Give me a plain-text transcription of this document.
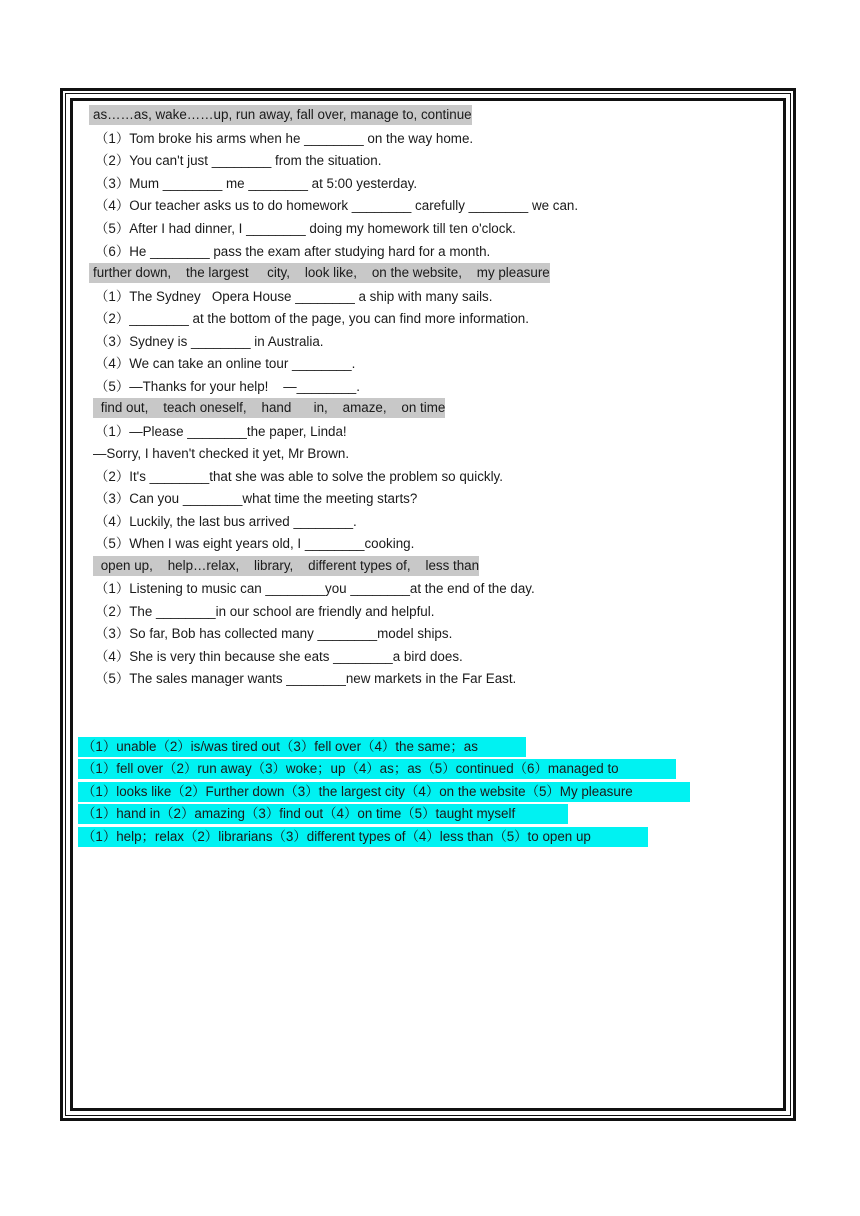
as……as, wake……up, run away, fall over, manage to, continue
（1）Tom broke his arms when he ________ on the way home.
（2）You can't just ________ from the situation.
（3）Mum ________ me ________ at 5:00 yesterday.
（4）Our teacher asks us to do homework ________ carefully ________ we can.
（5）After I had dinner, I ________ doing my homework till ten o'clock.
（6）He ________ pass the exam after studying hard for a month.
further down,    the largest     city,    look like,    on the website,    my pleasure
（1）The Sydney   Opera House ________ a ship with many sails.
（2）________ at the bottom of the page, you can find more information.
（3）Sydney is ________ in Australia.
（4）We can take an online tour ________.
（5）—Thanks for your help!    —________.
find out,    teach oneself,    hand      in,    amaze,    on time
（1）—Please ________the paper, Linda!
—Sorry, I haven't checked it yet, Mr Brown.
（2）It's ________that she was able to solve the problem so quickly.
（3）Can you ________what time the meeting starts?
（4）Luckily, the last bus arrived ________.
（5）When I was eight years old, I ________cooking.
open up,    help…relax,    library,    different types of,    less than
（1）Listening to music can ________you ________at the end of the day.
（2）The ________in our school are friendly and helpful.
（3）So far, Bob has collected many ________model ships.
（4）She is very thin because she eats ________a bird does.
（5）The sales manager wants ________new markets in the Far East.
（1）unable（2）is/was tired out（3）fell over（4）the same；as
（1）fell over（2）run away（3）woke；up（4）as；as（5）continued（6）managed to
（1）looks like（2）Further down（3）the largest city（4）on the website（5）My pleasure
（1）hand in（2）amazing（3）find out（4）on time（5）taught myself
（1）help；relax（2）librarians（3）different types of（4）less than（5）to open up
